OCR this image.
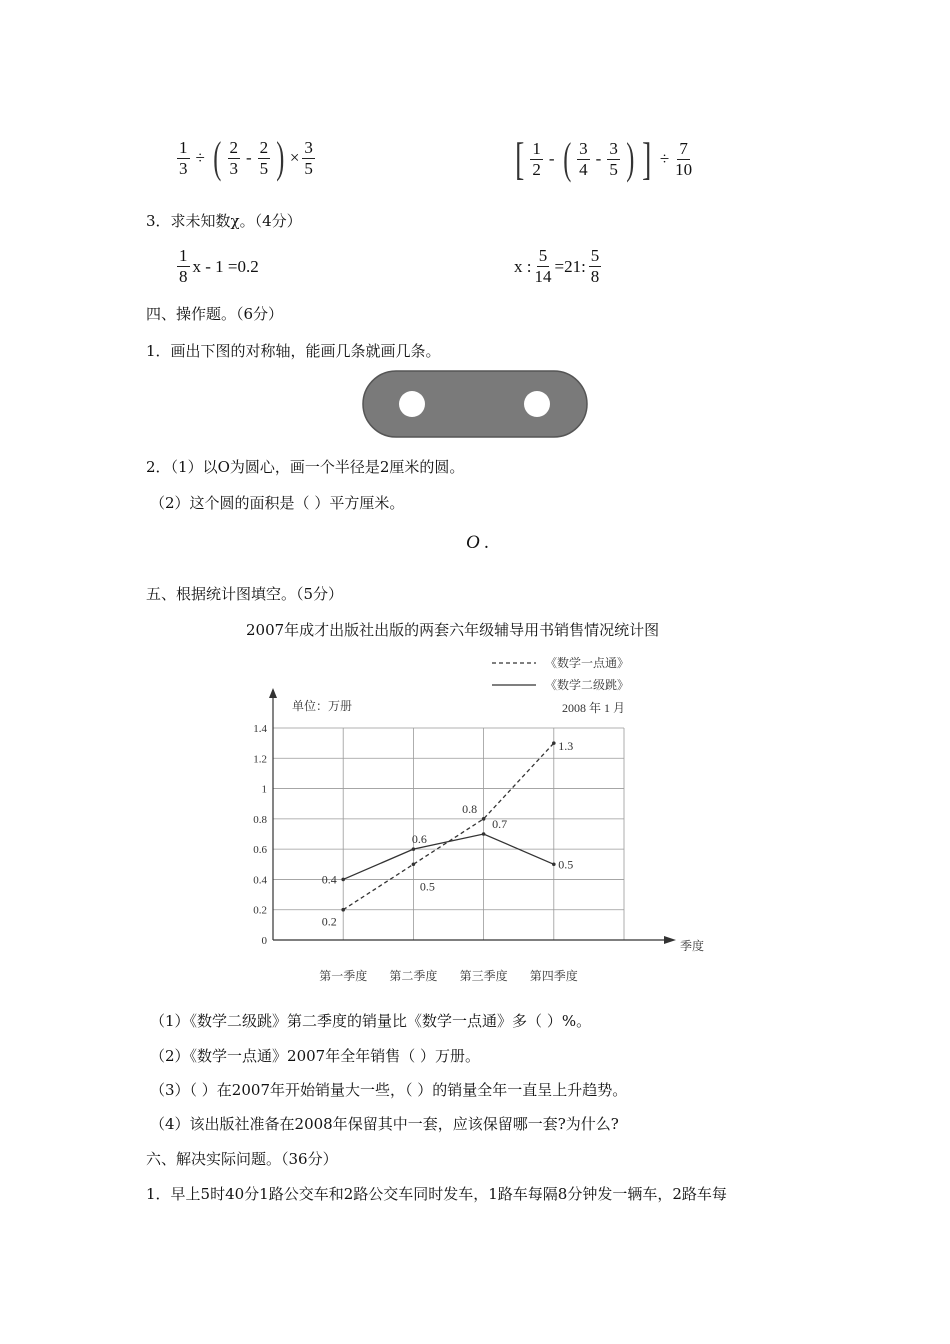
$\frac{1}{3}$ ÷ ( $\frac{2}{3} - \frac{2}{5}$ ) × $\frac{3}{5}$	[ $\frac{1}{2}$ - ( $\frac{3}{4} - \frac{3}{5}$ ) ] ÷ $\frac{7}{10}$
3．求未知数χ。（4分）
$\frac{1}{8}$ x - 1 =0.2	x : $\frac{5}{14} =21$: $\frac{5}{8}$
四、操作题。（6分）
1．画出下图的对称轴，能画几条就画几条。
2．（1）以O为圆心，画一个半径是2厘米的圆。
（2）这个圆的面积是（ ）平方厘米。
O .
五、根据统计图填空。（5分）
2007年成才出版社出版的两套六年级辅导用书销售情况统计图
0
0.2
0.4
0.6
0.8
1
1.2
1.4
第一季度 第二季度 第三季度 第四季度
0.2
0.5
0.8
1.3
0.4
0.6
0.7
0.5
《数学一点通》
《数学二级跳》
单位：万册	2008 年 1 月
季度
（1）《数学二级跳》第二季度的销量比《数学一点通》多（ ）%。
（2）《数学一点通》2007年全年销售（ ）万册。
（3）（ ）在2007年开始销量大一些，（ ）的销量全年一直呈上升趋势。
（4）该出版社准备在2008年保留其中一套，应该保留哪一套?为什么?
六、解决实际问题。（36分）
1．早上5时40分1路公交车和2路公交车同时发车，1路车每隔8分钟发一辆车，2路车每
